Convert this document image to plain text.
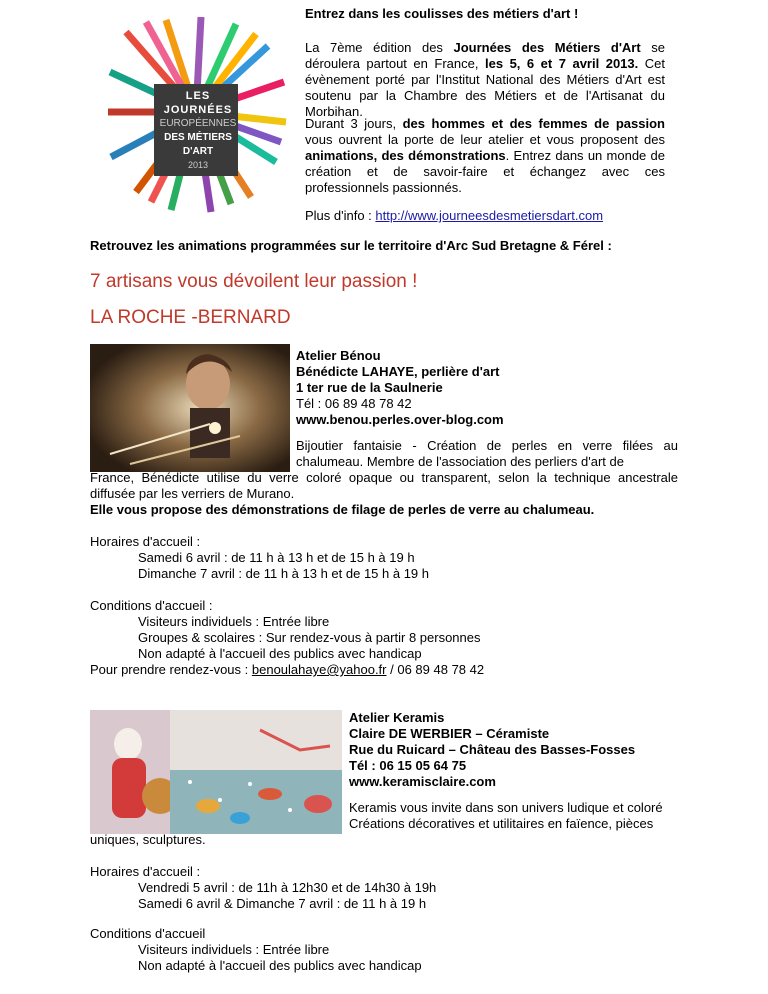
LES
JOURNÉES
EUROPÉENNES
DES MÉTIERS
D'ART
2013
Entrez dans les coulisses des métiers d'art !
La 7ème édition des Journées des Métiers d'Art se déroulera partout en France, les 5, 6 et 7 avril 2013. Cet évènement porté par l'Institut National des Métiers d'Art est soutenu par la Chambre des Métiers et de l'Artisanat du Morbihan.
Durant 3 jours, des hommes et des femmes de passion vous ouvrent la porte de leur atelier et vous proposent des animations, des démonstrations. Entrez dans un monde de création et de savoir-faire et échangez avec ces professionnels passionnés.
Plus d'info : http://www.journeesdesmetiersdart.com
Retrouvez les animations programmées sur le territoire d'Arc Sud Bretagne & Férel :
7 artisans vous dévoilent leur passion !
LA ROCHE -BERNARD
Atelier Bénou
Bénédicte LAHAYE, perlière d'art
1 ter rue de la Saulnerie
Tél : 06 89 48 78 42
www.benou.perles.over-blog.com
Bijoutier fantaisie - Création de perles en verre filées au chalumeau. Membre de l'association des perliers d'art de
France, Bénédicte utilise du verre coloré opaque ou transparent, selon la technique ancestrale diffusée par les verriers de Murano.
Elle vous propose des démonstrations de filage de perles de verre au chalumeau.
Horaires d'accueil :
Samedi 6 avril : de 11 h à 13 h et de 15 h à 19 h
Dimanche 7 avril : de 11 h à 13 h et de 15 h à 19 h
Conditions d'accueil :
Visiteurs individuels : Entrée libre
Groupes & scolaires : Sur rendez-vous à partir 8 personnes
Non adapté à l'accueil des publics avec handicap
Pour prendre rendez-vous : benoulahaye@yahoo.fr / 06 89 48 78 42
Atelier Keramis
Claire DE WERBIER – Céramiste
Rue du Ruicard – Château des Basses-Fosses
Tél : 06 15 05 64 75
www.keramisclaire.com
Keramis vous invite dans son univers ludique et coloré
Créations décoratives et utilitaires en faïence, pièces
uniques, sculptures.
Horaires d'accueil :
Vendredi 5 avril : de 11h à 12h30 et de 14h30 à 19h
Samedi 6 avril & Dimanche 7 avril : de 11 h à 19 h
Conditions d'accueil
Visiteurs individuels : Entrée libre
Non adapté à l'accueil des publics avec handicap
